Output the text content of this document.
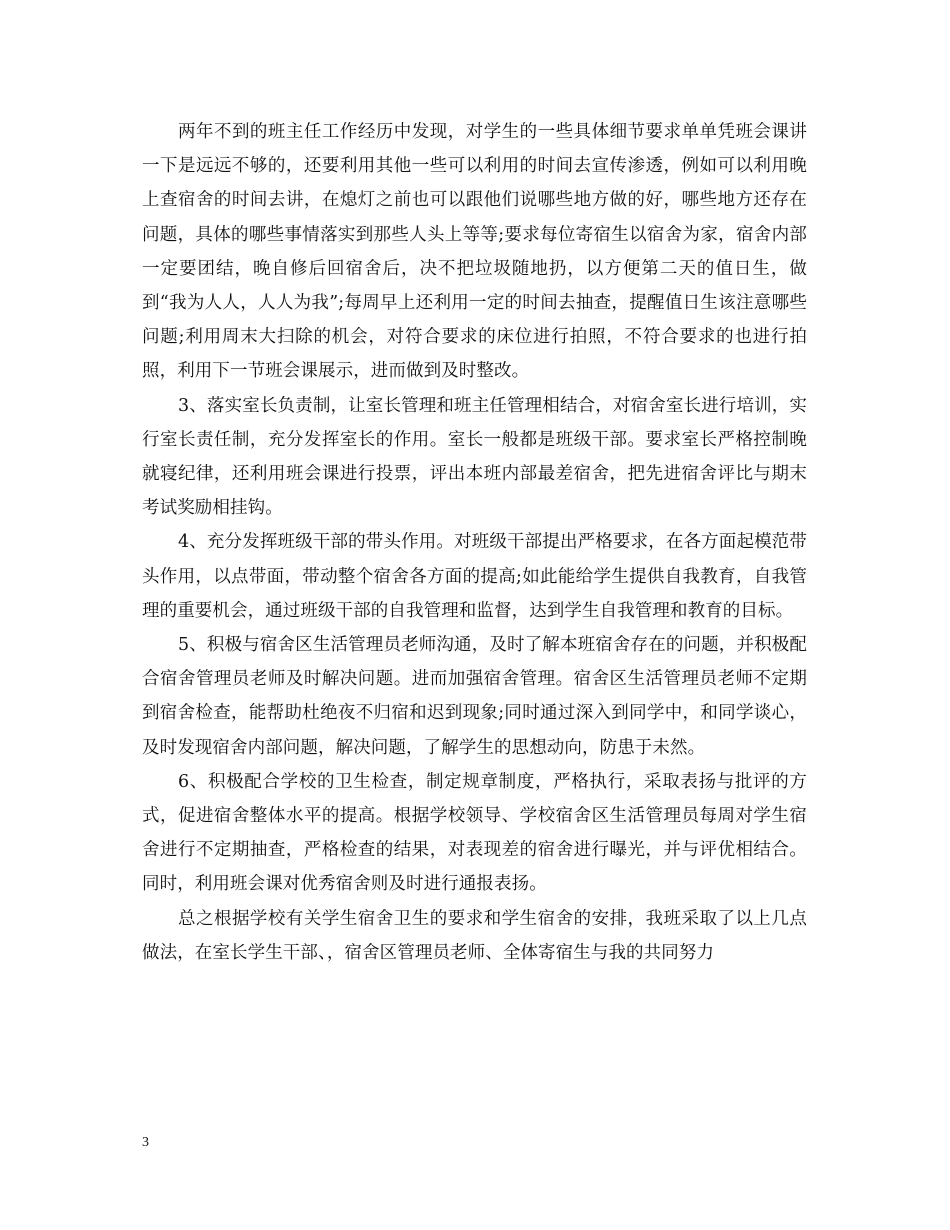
两年不到的班主任工作经历中发现，对学生的一些具体细节要求单单凭班会课讲一下是远远不够的，还要利用其他一些可以利用的时间去宣传渗透，例如可以利用晚上查宿舍的时间去讲，在熄灯之前也可以跟他们说哪些地方做的好，哪些地方还存在问题，具体的哪些事情落实到那些人头上等等;要求每位寄宿生以宿舍为家，宿舍内部一定要团结，晚自修后回宿舍后，决不把垃圾随地扔，以方便第二天的值日生，做到“我为人人，人人为我”;每周早上还利用一定的时间去抽查，提醒值日生该注意哪些问题;利用周末大扫除的机会，对符合要求的床位进行拍照，不符合要求的也进行拍照，利用下一节班会课展示，进而做到及时整改。

3、落实室长负责制，让室长管理和班主任管理相结合，对宿舍室长进行培训，实行室长责任制，充分发挥室长的作用。室长一般都是班级干部。要求室长严格控制晚就寝纪律，还利用班会课进行投票，评出本班内部最差宿舍，把先进宿舍评比与期末考试奖励相挂钩。

4、充分发挥班级干部的带头作用。对班级干部提出严格要求，在各方面起模范带头作用，以点带面，带动整个宿舍各方面的提高;如此能给学生提供自我教育，自我管理的重要机会，通过班级干部的自我管理和监督，达到学生自我管理和教育的目标。

5、积极与宿舍区生活管理员老师沟通，及时了解本班宿舍存在的问题，并积极配合宿舍管理员老师及时解决问题。进而加强宿舍管理。宿舍区生活管理员老师不定期到宿舍检查，能帮助杜绝夜不归宿和迟到现象;同时通过深入到同学中，和同学谈心，及时发现宿舍内部问题，解决问题，了解学生的思想动向，防患于未然。

6、积极配合学校的卫生检查，制定规章制度，严格执行，采取表扬与批评的方式，促进宿舍整体水平的提高。根据学校领导、学校宿舍区生活管理员每周对学生宿舍进行不定期抽查，严格检查的结果，对表现差的宿舍进行曝光，并与评优相结合。同时，利用班会课对优秀宿舍则及时进行通报表扬。

总之根据学校有关学生宿舍卫生的要求和学生宿舍的安排，我班采取了以上几点做法，在室长学生干部、，宿舍区管理员老师、全体寄宿生与我的共同努力

3
